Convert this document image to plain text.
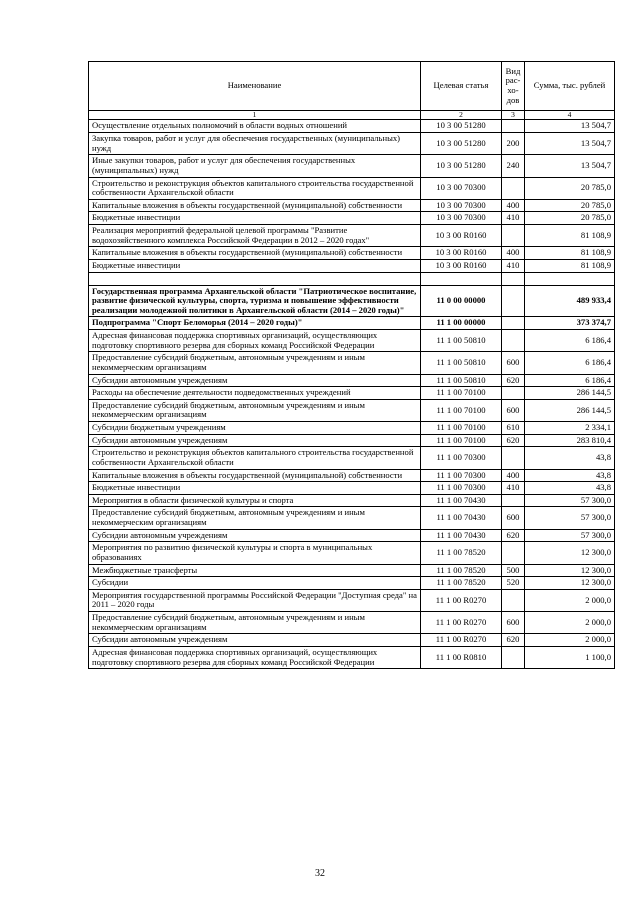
Наименование	Целевая статья	Вид рас-хо-дов	Сумма, тыс. рублей
1	2	3	4
Осуществление отдельных полномочий в области водных отношений	10 3 00 51280		13 504,7
Закупка товаров, работ и услуг для обеспечения государственных (муниципальных) нужд	10 3 00 51280	200	13 504,7
Иные закупки товаров, работ и услуг для обеспечения государственных (муниципальных) нужд	10 3 00 51280	240	13 504,7
Строительство и реконструкция объектов капитального строительства государственной собственности Архангельской области	10 3 00 70300		20 785,0
Капитальные вложения в объекты государственной (муниципальной) собственности	10 3 00 70300	400	20 785,0
Бюджетные инвестиции	10 3 00 70300	410	20 785,0
Реализация мероприятий федеральной целевой программы "Развитие водохозяйственного комплекса Российской Федерации в 2012 – 2020 годах"	10 3 00 R0160		81 108,9
Капитальные вложения в объекты государственной (муниципальной) собственности	10 3 00 R0160	400	81 108,9
Бюджетные инвестиции	10 3 00 R0160	410	81 108,9

Государственная программа Архангельской области "Патриотическое воспитание, развитие физической культуры, спорта, туризма и повышение эффективности реализации молодежной политики в Архангельской области (2014 – 2020 годы)"	11 0 00 00000		489 933,4
Подпрограмма "Спорт Беломорья (2014 – 2020 годы)"	11 1 00 00000		373 374,7
Адресная финансовая поддержка спортивных организаций, осуществляющих подготовку спортивного резерва для сборных команд Российской Федерации	11 1 00 50810		6 186,4
Предоставление субсидий бюджетным, автономным учреждениям и иным некоммерческим организациям	11 1 00 50810	600	6 186,4
Субсидии автономным учреждениям	11 1 00 50810	620	6 186,4
Расходы на обеспечение деятельности подведомственных учреждений	11 1 00 70100		286 144,5
Предоставление субсидий бюджетным, автономным учреждениям и иным некоммерческим организациям	11 1 00 70100	600	286 144,5
Субсидии бюджетным учреждениям	11 1 00 70100	610	2 334,1
Субсидии автономным учреждениям	11 1 00 70100	620	283 810,4
Строительство и реконструкция объектов капитального строительства государственной собственности Архангельской области	11 1 00 70300		43,8
Капитальные вложения в объекты государственной (муниципальной) собственности	11 1 00 70300	400	43,8
Бюджетные инвестиции	11 1 00 70300	410	43,8
Мероприятия в области физической культуры и спорта	11 1 00 70430		57 300,0
Предоставление субсидий бюджетным, автономным учреждениям и иным некоммерческим организациям	11 1 00 70430	600	57 300,0
Субсидии автономным учреждениям	11 1 00 70430	620	57 300,0
Мероприятия по развитию физической культуры и спорта в муниципальных образованиях	11 1 00 78520		12 300,0
Межбюджетные трансферты	11 1 00 78520	500	12 300,0
Субсидии	11 1 00 78520	520	12 300,0
Мероприятия государственной программы Российской Федерации "Доступная среда" на 2011 – 2020 годы	11 1 00 R0270		2 000,0
Предоставление субсидий бюджетным, автономным учреждениям и иным некоммерческим организациям	11 1 00 R0270	600	2 000,0
Субсидии автономным учреждениям	11 1 00 R0270	620	2 000,0
Адресная финансовая поддержка спортивных организаций, осуществляющих подготовку спортивного резерва для сборных команд Российской Федерации	11 1 00 R0810		1 100,0
32
